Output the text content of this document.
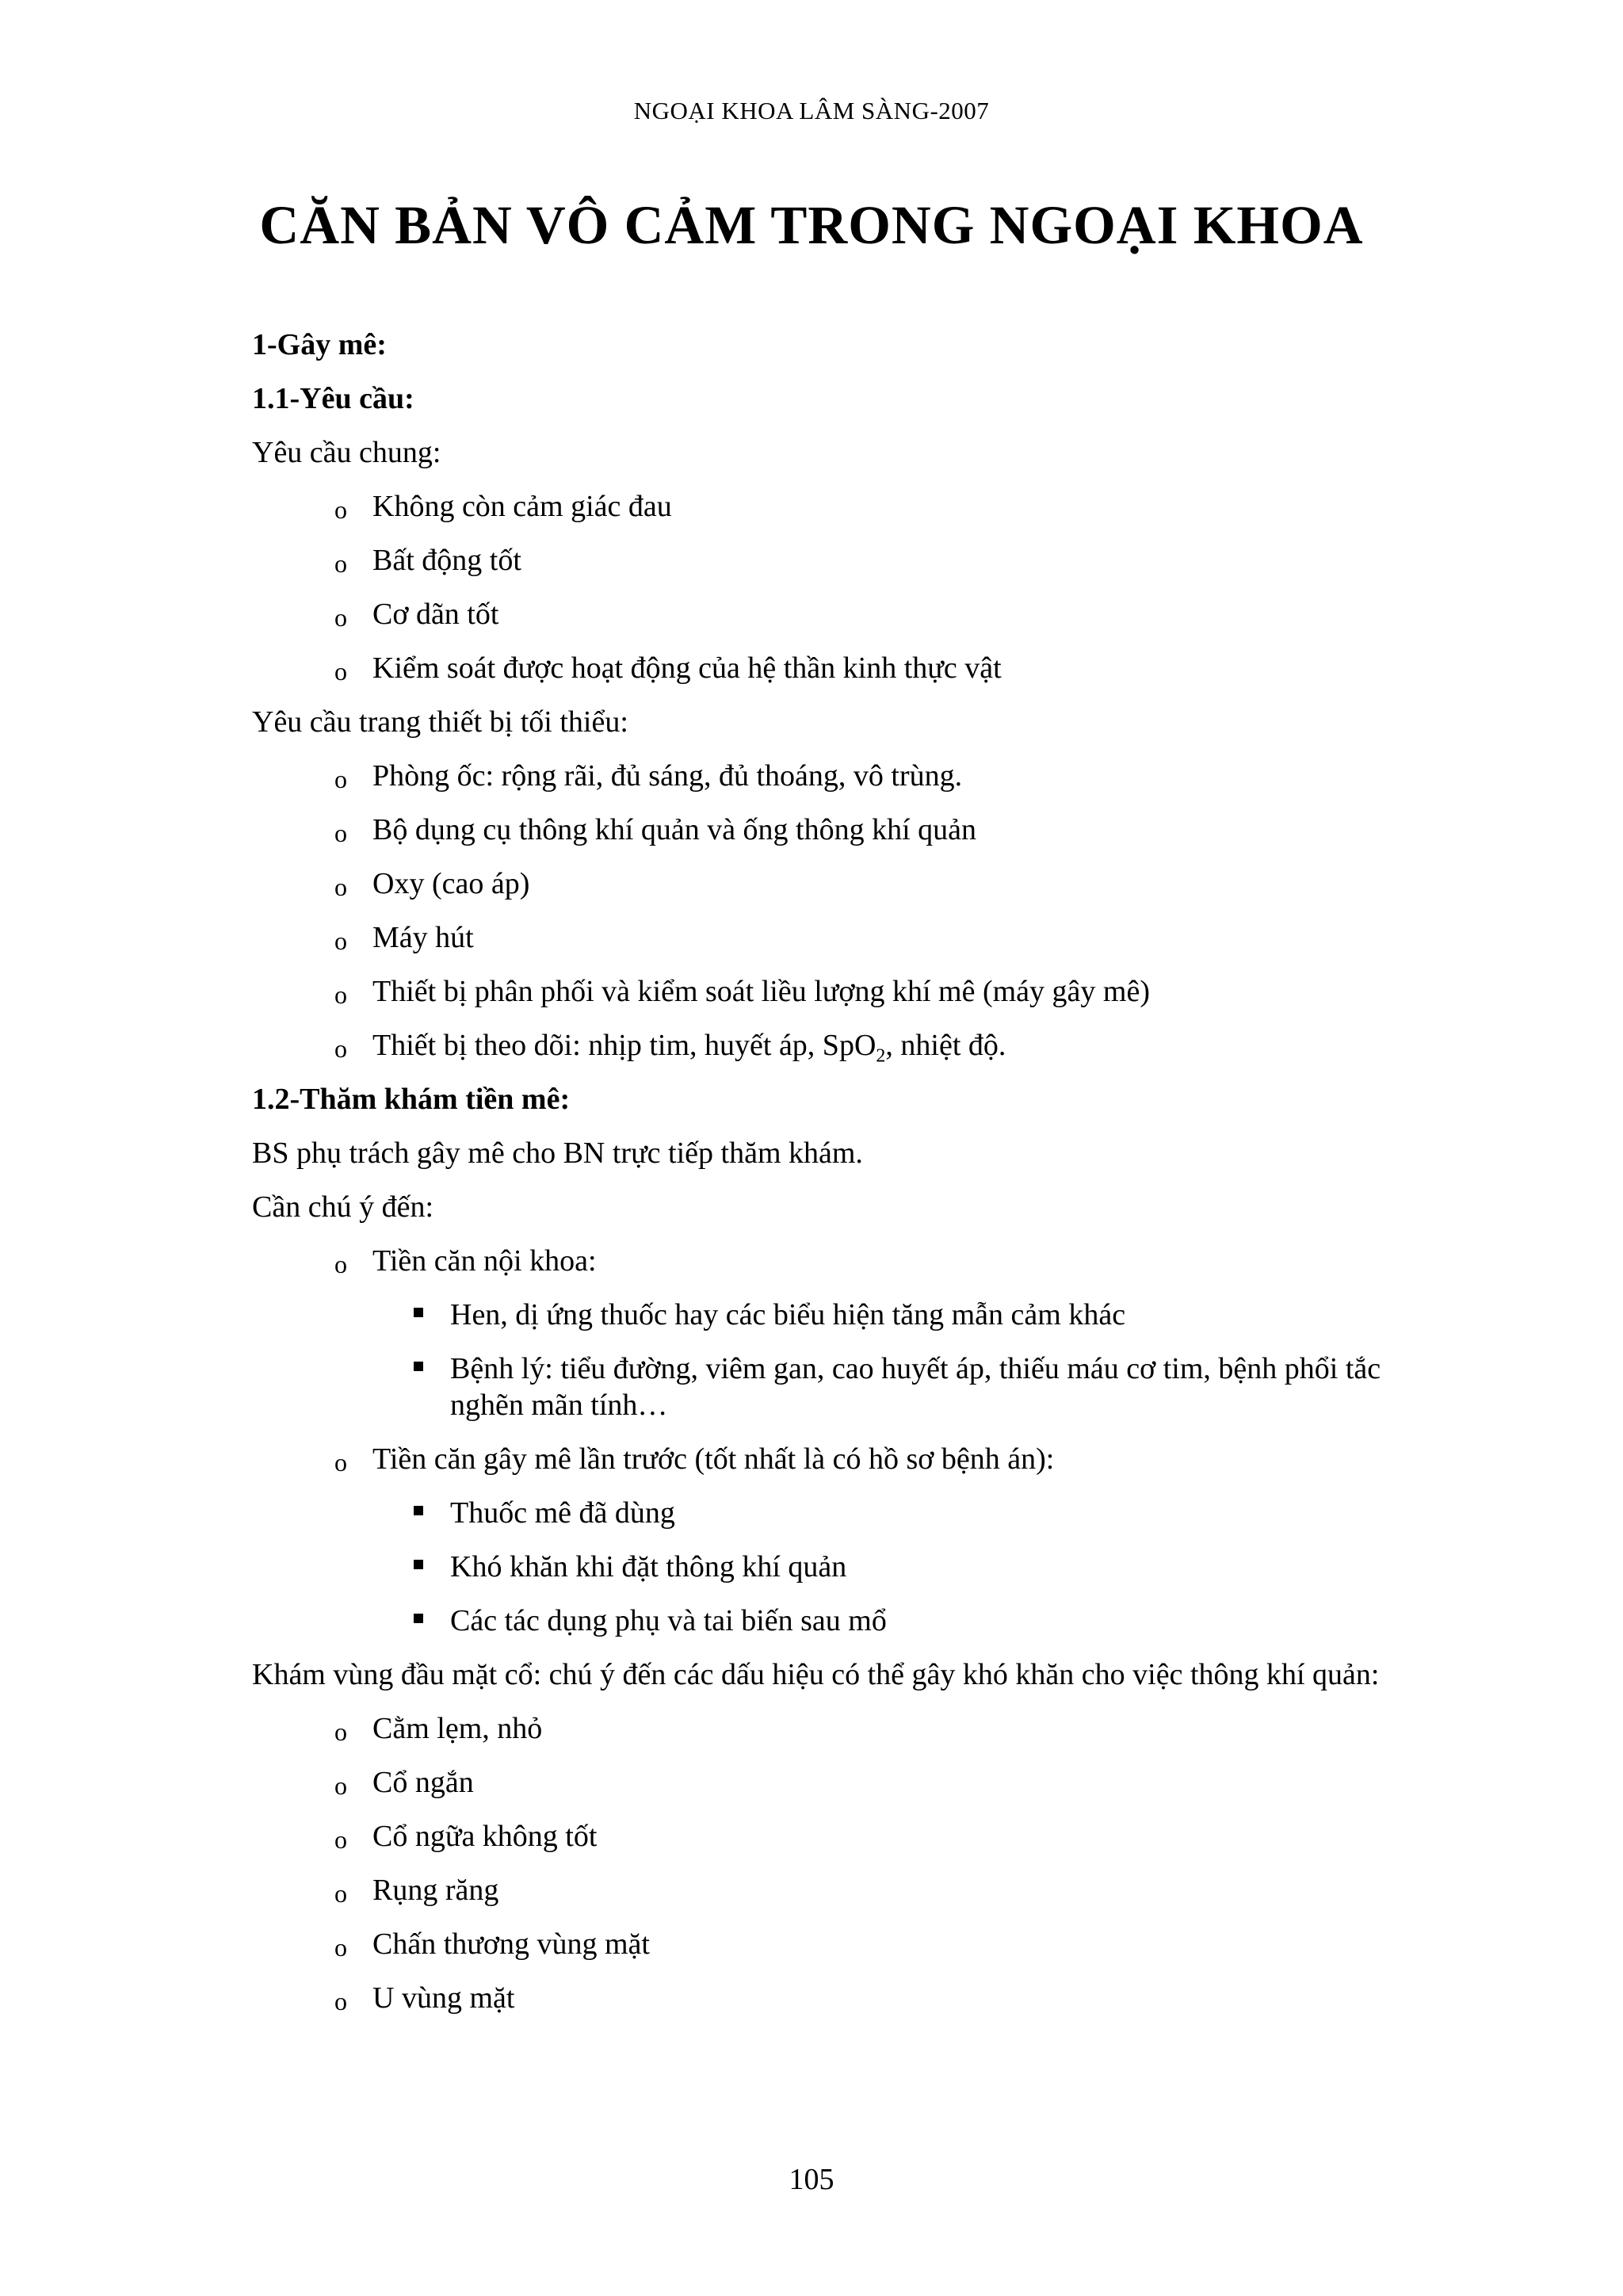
NGOẠI KHOA LÂM SÀNG-2007
CĂN BẢN VÔ CẢM TRONG NGOẠI KHOA
1-Gây mê:
1.1-Yêu cầu:
Yêu cầu chung:
o Không còn cảm giác đau
o Bất động tốt
o Cơ dãn tốt
o Kiểm soát được hoạt động của hệ thần kinh thực vật
Yêu cầu trang thiết bị tối thiểu:
o Phòng ốc: rộng rãi, đủ sáng, đủ thoáng, vô trùng.
o Bộ dụng cụ thông khí quản và ống thông khí quản
o Oxy (cao áp)
o Máy hút
o Thiết bị phân phối và kiểm soát liều lượng khí mê (máy gây mê)
o Thiết bị theo dõi: nhịp tim, huyết áp, SpO$_2$, nhiệt độ.
1.2-Thăm khám tiền mê:
BS phụ trách gây mê cho BN trực tiếp thăm khám.
Cần chú ý đến:
o Tiền căn nội khoa:
Hen, dị ứng thuốc hay các biểu hiện tăng mẫn cảm khác
Bệnh lý: tiểu đường, viêm gan, cao huyết áp, thiếu máu cơ tim, bệnh phổi tắc nghẽn mãn tính…
o Tiền căn gây mê lần trước (tốt nhất là có hồ sơ bệnh án):
Thuốc mê đã dùng
Khó khăn khi đặt thông khí quản
Các tác dụng phụ và tai biến sau mổ
Khám vùng đầu mặt cổ: chú ý đến các dấu hiệu có thể gây khó khăn cho việc thông khí quản:
o Cằm lẹm, nhỏ
o Cổ ngắn
o Cổ ngữa không tốt
o Rụng răng
o Chấn thương vùng mặt
o U vùng mặt
105
